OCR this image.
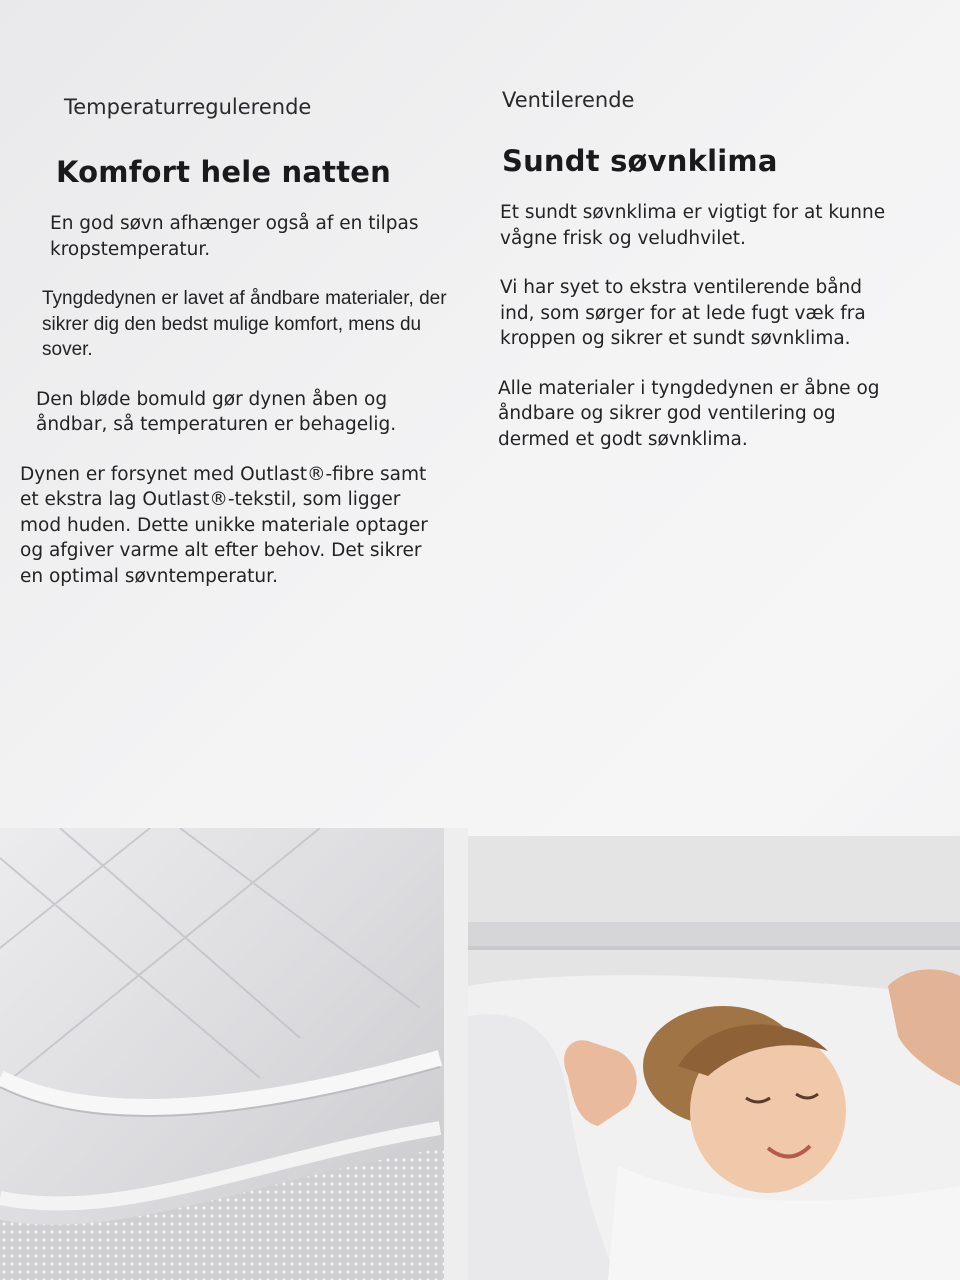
Temperaturregulerende

Komfort hele natten

En god søvn afhænger også af en tilpas kropstemperatur.

Tyngdedynen er lavet af åndbare materialer, der sikrer dig den bedst mulige komfort, mens du sover.

Den bløde bomuld gør dynen åben og åndbar, så temperaturen er behagelig.

Dynen er forsynet med Outlast®-fibre samt et ekstra lag Outlast®-tekstil, som ligger mod huden. Dette unikke materiale optager og afgiver varme alt efter behov. Det sikrer en optimal søvntemperatur.

Ventilerende

Sundt søvnklima

Et sundt søvnklima er vigtigt for at kunne vågne frisk og veludhvilet.

Vi har syet to ekstra ventilerende bånd ind, som sørger for at lede fugt væk fra kroppen og sikrer et sundt søvnklima.

Alle materialer i tyngdedynen er åbne og åndbare og sikrer god ventilering og dermed et godt søvnklima.
